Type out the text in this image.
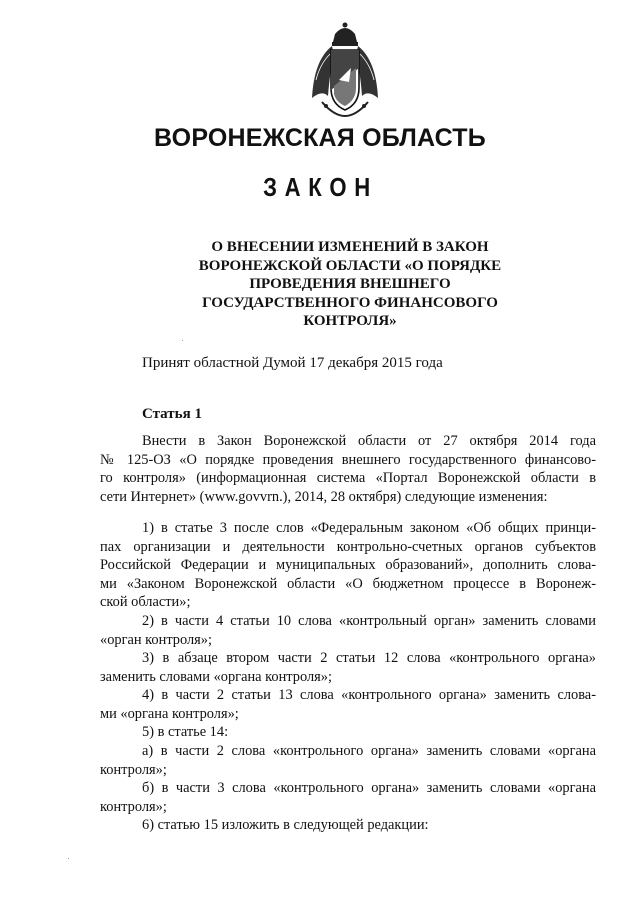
ВОРОНЕЖСКАЯ ОБЛАСТЬ
ЗАКОН
О ВНЕСЕНИИ ИЗМЕНЕНИЙ В ЗАКОН
ВОРОНЕЖСКОЙ ОБЛАСТИ «О ПОРЯДКЕ
ПРОВЕДЕНИЯ ВНЕШНЕГО
ГОСУДАРСТВЕННОГО ФИНАНСОВОГО
КОНТРОЛЯ»
Принят областной Думой 17 декабря 2015 года
Статья 1
Внести в Закон Воронежской области от 27 октября 2014 года
№ 125-ОЗ «О порядке проведения внешнего государственного финансово-
го контроля» (информационная система «Портал Воронежской области в
сети Интернет» (www.govvrn.), 2014, 28 октября) следующие изменения:
1) в статье 3 после слов «Федеральным законом «Об общих принци-
пах организации и деятельности контрольно-счетных органов субъектов
Российской Федерации и муниципальных образований», дополнить слова-
ми «Законом Воронежской области «О бюджетном процессе в Воронеж-
ской области»;
2) в части 4 статьи 10 слова «контрольный орган» заменить словами
«орган контроля»;
3) в абзаце втором части 2 статьи 12 слова «контрольного органа»
заменить словами «органа контроля»;
4) в части 2 статьи 13 слова «контрольного органа» заменить слова-
ми «органа контроля»;
5) в статье 14:
а) в части 2 слова «контрольного органа» заменить словами «органа
контроля»;
б) в части 3 слова «контрольного органа» заменить словами «органа
контроля»;
6) статью 15 изложить в следующей редакции:
